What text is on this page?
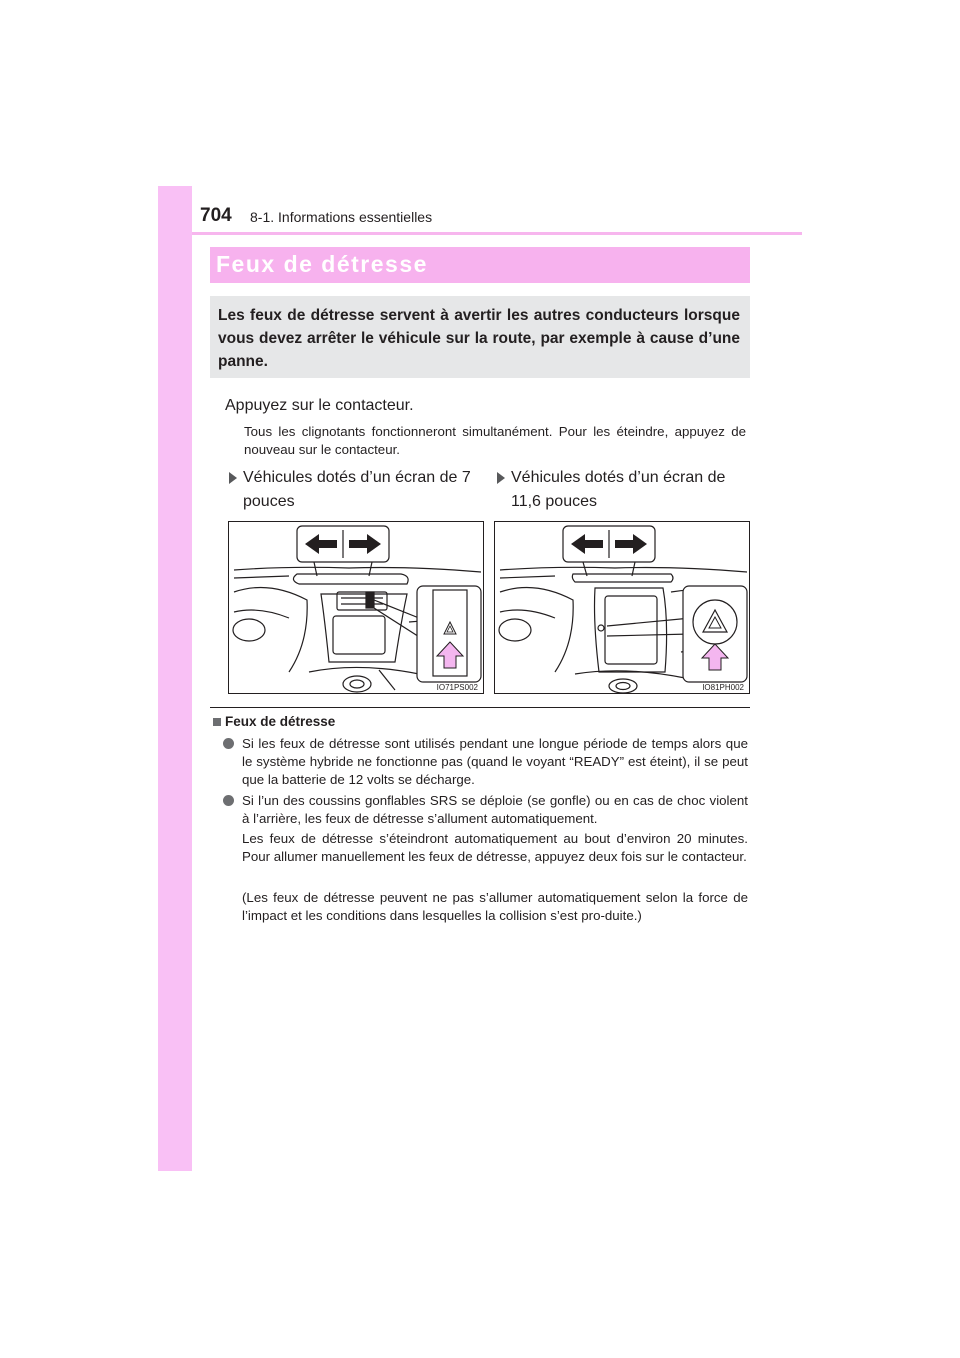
704 8-1. Informations essentielles
Feux de détresse
Les feux de détresse servent à avertir les autres conducteurs lorsque vous devez arrêter le véhicule sur la route, par exemple à cause d’une panne.
Appuyez sur le contacteur.
Tous les clignotants fonctionneront simultanément. Pour les éteindre, appuyez de nouveau sur le contacteur.
Véhicules dotés d’un écran de 7 pouces
Véhicules dotés d’un écran de 11,6 pouces
IO71PS002	IO81PH002
Feux de détresse
Si les feux de détresse sont utilisés pendant une longue période de temps alors que le système hybride ne fonctionne pas (quand le voyant “READY” est éteint), il se peut que la batterie de 12 volts se décharge.
Si l’un des coussins gonflables SRS se déploie (se gonfle) ou en cas de choc violent à l’arrière, les feux de détresse s’allument automatiquement.
Les feux de détresse s’éteindront automatiquement au bout d’environ 20 minutes. Pour allumer manuellement les feux de détresse, appuyez deux fois sur le contacteur.
(Les feux de détresse peuvent ne pas s’allumer automatiquement selon la force de l’impact et les conditions dans lesquelles la collision s’est pro-duite.)
